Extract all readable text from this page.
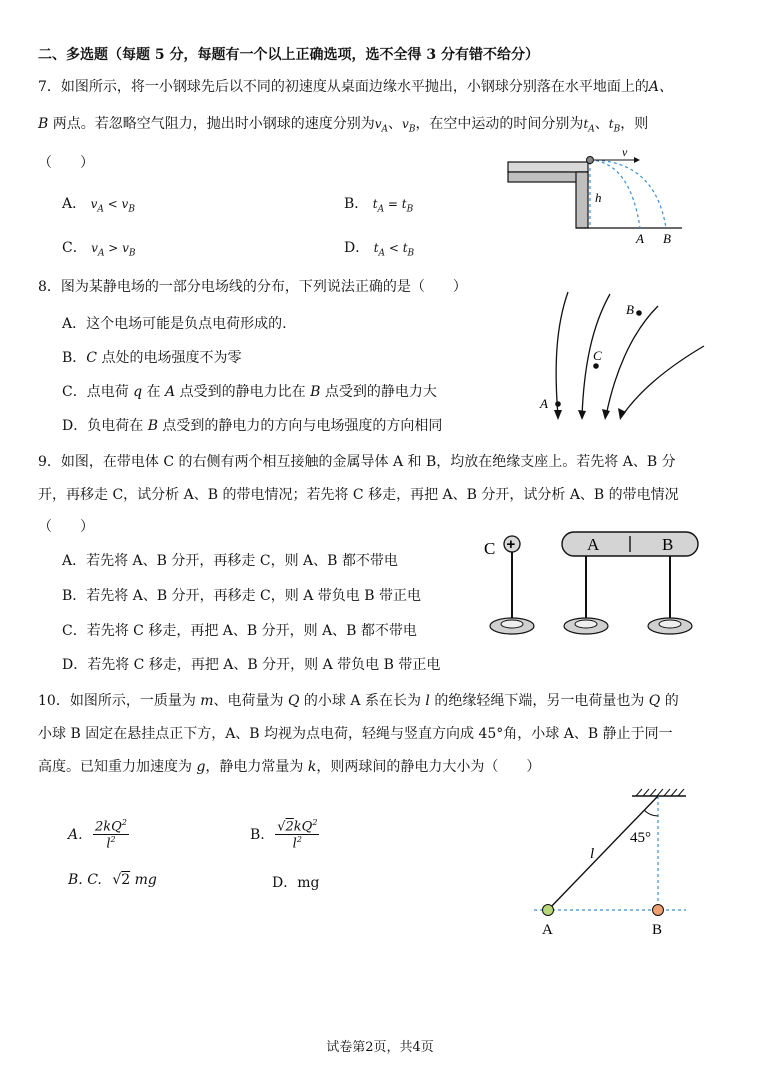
二、多选题（每题 5 分，每题有一个以上正确选项，选不全得 3 分有错不给分）
7．如图所示，将一小钢球先后以不同的初速度从桌面边缘水平抛出，小钢球分别落在水平地面上的A、
B 两点。若忽略空气阻力，抛出时小钢球的速度分别为$v_A$、$v_B$，在空中运动的时间分别为$t_A$、$t_B$，则
（　　）
A． $v_A < v_B$	B． $t_A = t_B$
C． $v_A > v_B$	D． $t_A < t_B$
v
h
A B
8．图为某静电场的一部分电场线的分布，下列说法正确的是（　　）
A．这个电场可能是负点电荷形成的.
B．C 点处的电场强度不为零
C．点电荷 q 在 A 点受到的静电力比在 B 点受到的静电力大
D．负电荷在 B 点受到的静电力的方向与电场强度的方向相同
A
B
C
9．如图，在带电体 C 的右侧有两个相互接触的金属导体 A 和 B，均放在绝缘支座上。若先将 A、B 分
开，再移走 C，试分析 A、B 的带电情况；若先将 C 移走，再把 A、B 分开，试分析 A、B 的带电情况
（　　）
A．若先将 A、B 分开，再移走 C，则 A、B 都不带电
B．若先将 A、B 分开，再移走 C，则 A 带负电 B 带正电
C．若先将 C 移走，再把 A、B 分开，则 A、B 都不带电
D．若先将 C 移走，再把 A、B 分开，则 A 带负电 B 带正电
C +	A	B
10．如图所示，一质量为 m、电荷量为 Q 的小球 A 系在长为 l 的绝缘轻绳下端，另一电荷量也为 Q 的
小球 B 固定在悬挂点正下方，A、B 均视为点电荷，轻绳与竖直方向成 45°角，小球 A、B 静止于同一
高度。已知重力加速度为 g，静电力常量为 k，则两球间的静电力大小为（　　）
A. $\frac{2kQ^2}{l^2}$	B. $\frac{√2kQ^2}{l^2}$
B. C. √2 mg	D．mg
45°
l
A	B
试卷第2页，共4页
